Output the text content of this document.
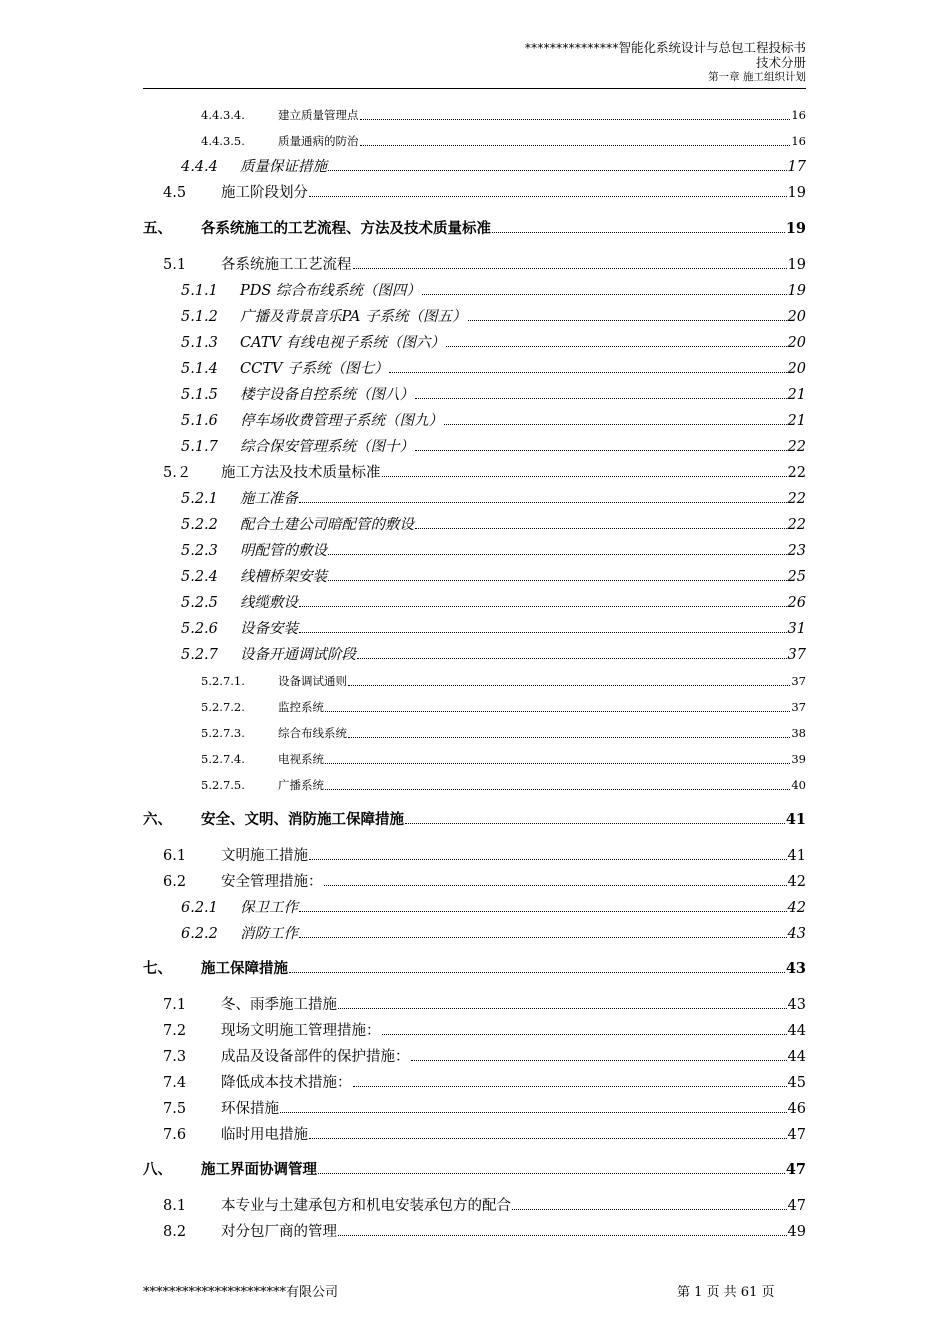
***************智能化系统设计与总包工程投标书
技术分册
第一章 施工组织计划
4.4.3.4.	建立质量管理点	16
4.4.3.5.	质量通病的防治	16
4.4.4	质量保证措施	17
4.5	施工阶段划分	19
五、	各系统施工的工艺流程、方法及技术质量标准	19
5.1	各系统施工工艺流程	19
5.1.1	PDS 综合布线系统（图四）	19
5.1.2	广播及背景音乐PA 子系统（图五）	20
5.1.3	CATV 有线电视子系统（图六）	20
5.1.4	CCTV 子系统（图七）	20
5.1.5	楼宇设备自控系统（图八）	21
5.1.6	停车场收费管理子系统（图九）	21
5.1.7	综合保安管理系统（图十）	22
5.２	施工方法及技术质量标准	22
5.2.1	施工准备	22
5.2.2	配合土建公司暗配管的敷设	22
5.2.3	明配管的敷设	23
5.2.4	线槽桥架安装	25
5.2.5	线缆敷设	26
5.2.6	设备安装	31
5.2.7	设备开通调试阶段	37
5.2.7.1.	设备调试通则	37
5.2.7.2.	监控系统	37
5.2.7.3.	综合布线系统	38
5.2.7.4.	电视系统	39
5.2.7.5.	广播系统	40
六、	安全、文明、消防施工保障措施	41
6.1	文明施工措施	41
6.2	安全管理措施：	42
6.2.1	保卫工作	42
6.2.2	消防工作	43
七、	施工保障措施	43
7.1	冬、雨季施工措施	43
7.2	现场文明施工管理措施：	44
7.3	成品及设备部件的保护措施：	44
7.4	降低成本技术措施：	45
7.5	环保措施	46
7.6	临时用电措施	47
八、	施工界面协调管理	47
8.1	本专业与土建承包方和机电安装承包方的配合	47
8.2	对分包厂商的管理	49
**********************有限公司	第 1 页 共 61 页
